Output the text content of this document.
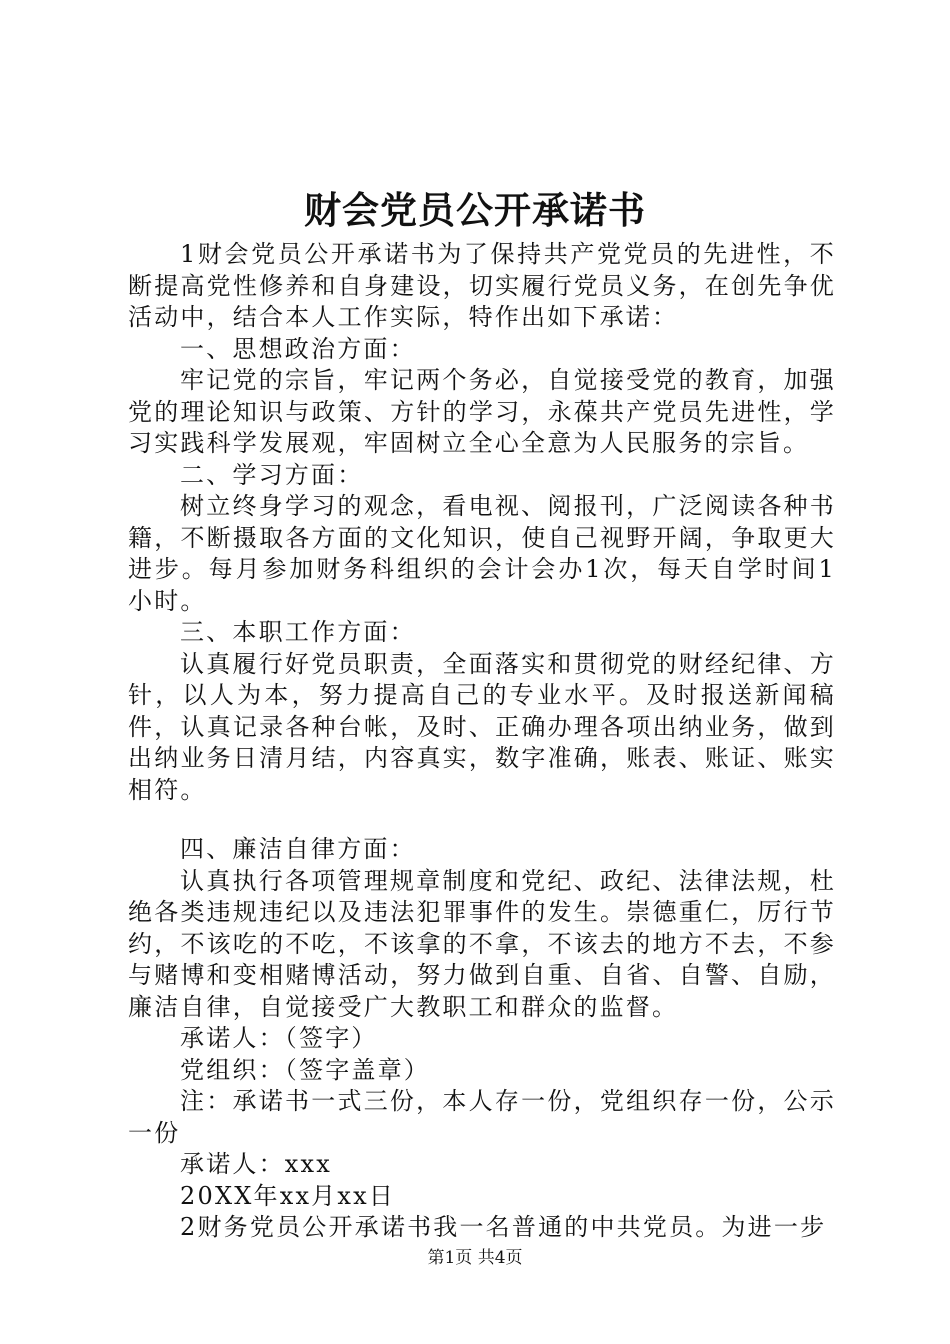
财会党员公开承诺书

1财会党员公开承诺书为了保持共产党党员的先进性，不断提高党性修养和自身建设，切实履行党员义务，在创先争优活动中，结合本人工作实际，特作出如下承诺：

一、思想政治方面：

牢记党的宗旨，牢记两个务必，自觉接受党的教育，加强党的理论知识与政策、方针的学习，永葆共产党员先进性，学习实践科学发展观，牢固树立全心全意为人民服务的宗旨。

二、学习方面：

树立终身学习的观念，看电视、阅报刊，广泛阅读各种书籍，不断摄取各方面的文化知识，使自己视野开阔，争取更大进步。每月参加财务科组织的会计会办1次，每天自学时间1小时。

三、本职工作方面：

认真履行好党员职责，全面落实和贯彻党的财经纪律、方针，以人为本，努力提高自己的专业水平。及时报送新闻稿件，认真记录各种台帐，及时、正确办理各项出纳业务，做到出纳业务日清月结，内容真实，数字准确，账表、账证、账实相符。

四、廉洁自律方面：

认真执行各项管理规章制度和党纪、政纪、法律法规，杜绝各类违规违纪以及违法犯罪事件的发生。崇德重仁，厉行节约，不该吃的不吃，不该拿的不拿，不该去的地方不去，不参与赌博和变相赌博活动，努力做到自重、自省、自警、自励，廉洁自律，自觉接受广大教职工和群众的监督。

承诺人：（签字）

党组织：（签字盖章）

注：承诺书一式三份，本人存一份，党组织存一份，公示一份

承诺人：xxx

20XX年xx月xx日

2财务党员公开承诺书我一名普通的中共党员。为进一步

第1页 共4页
